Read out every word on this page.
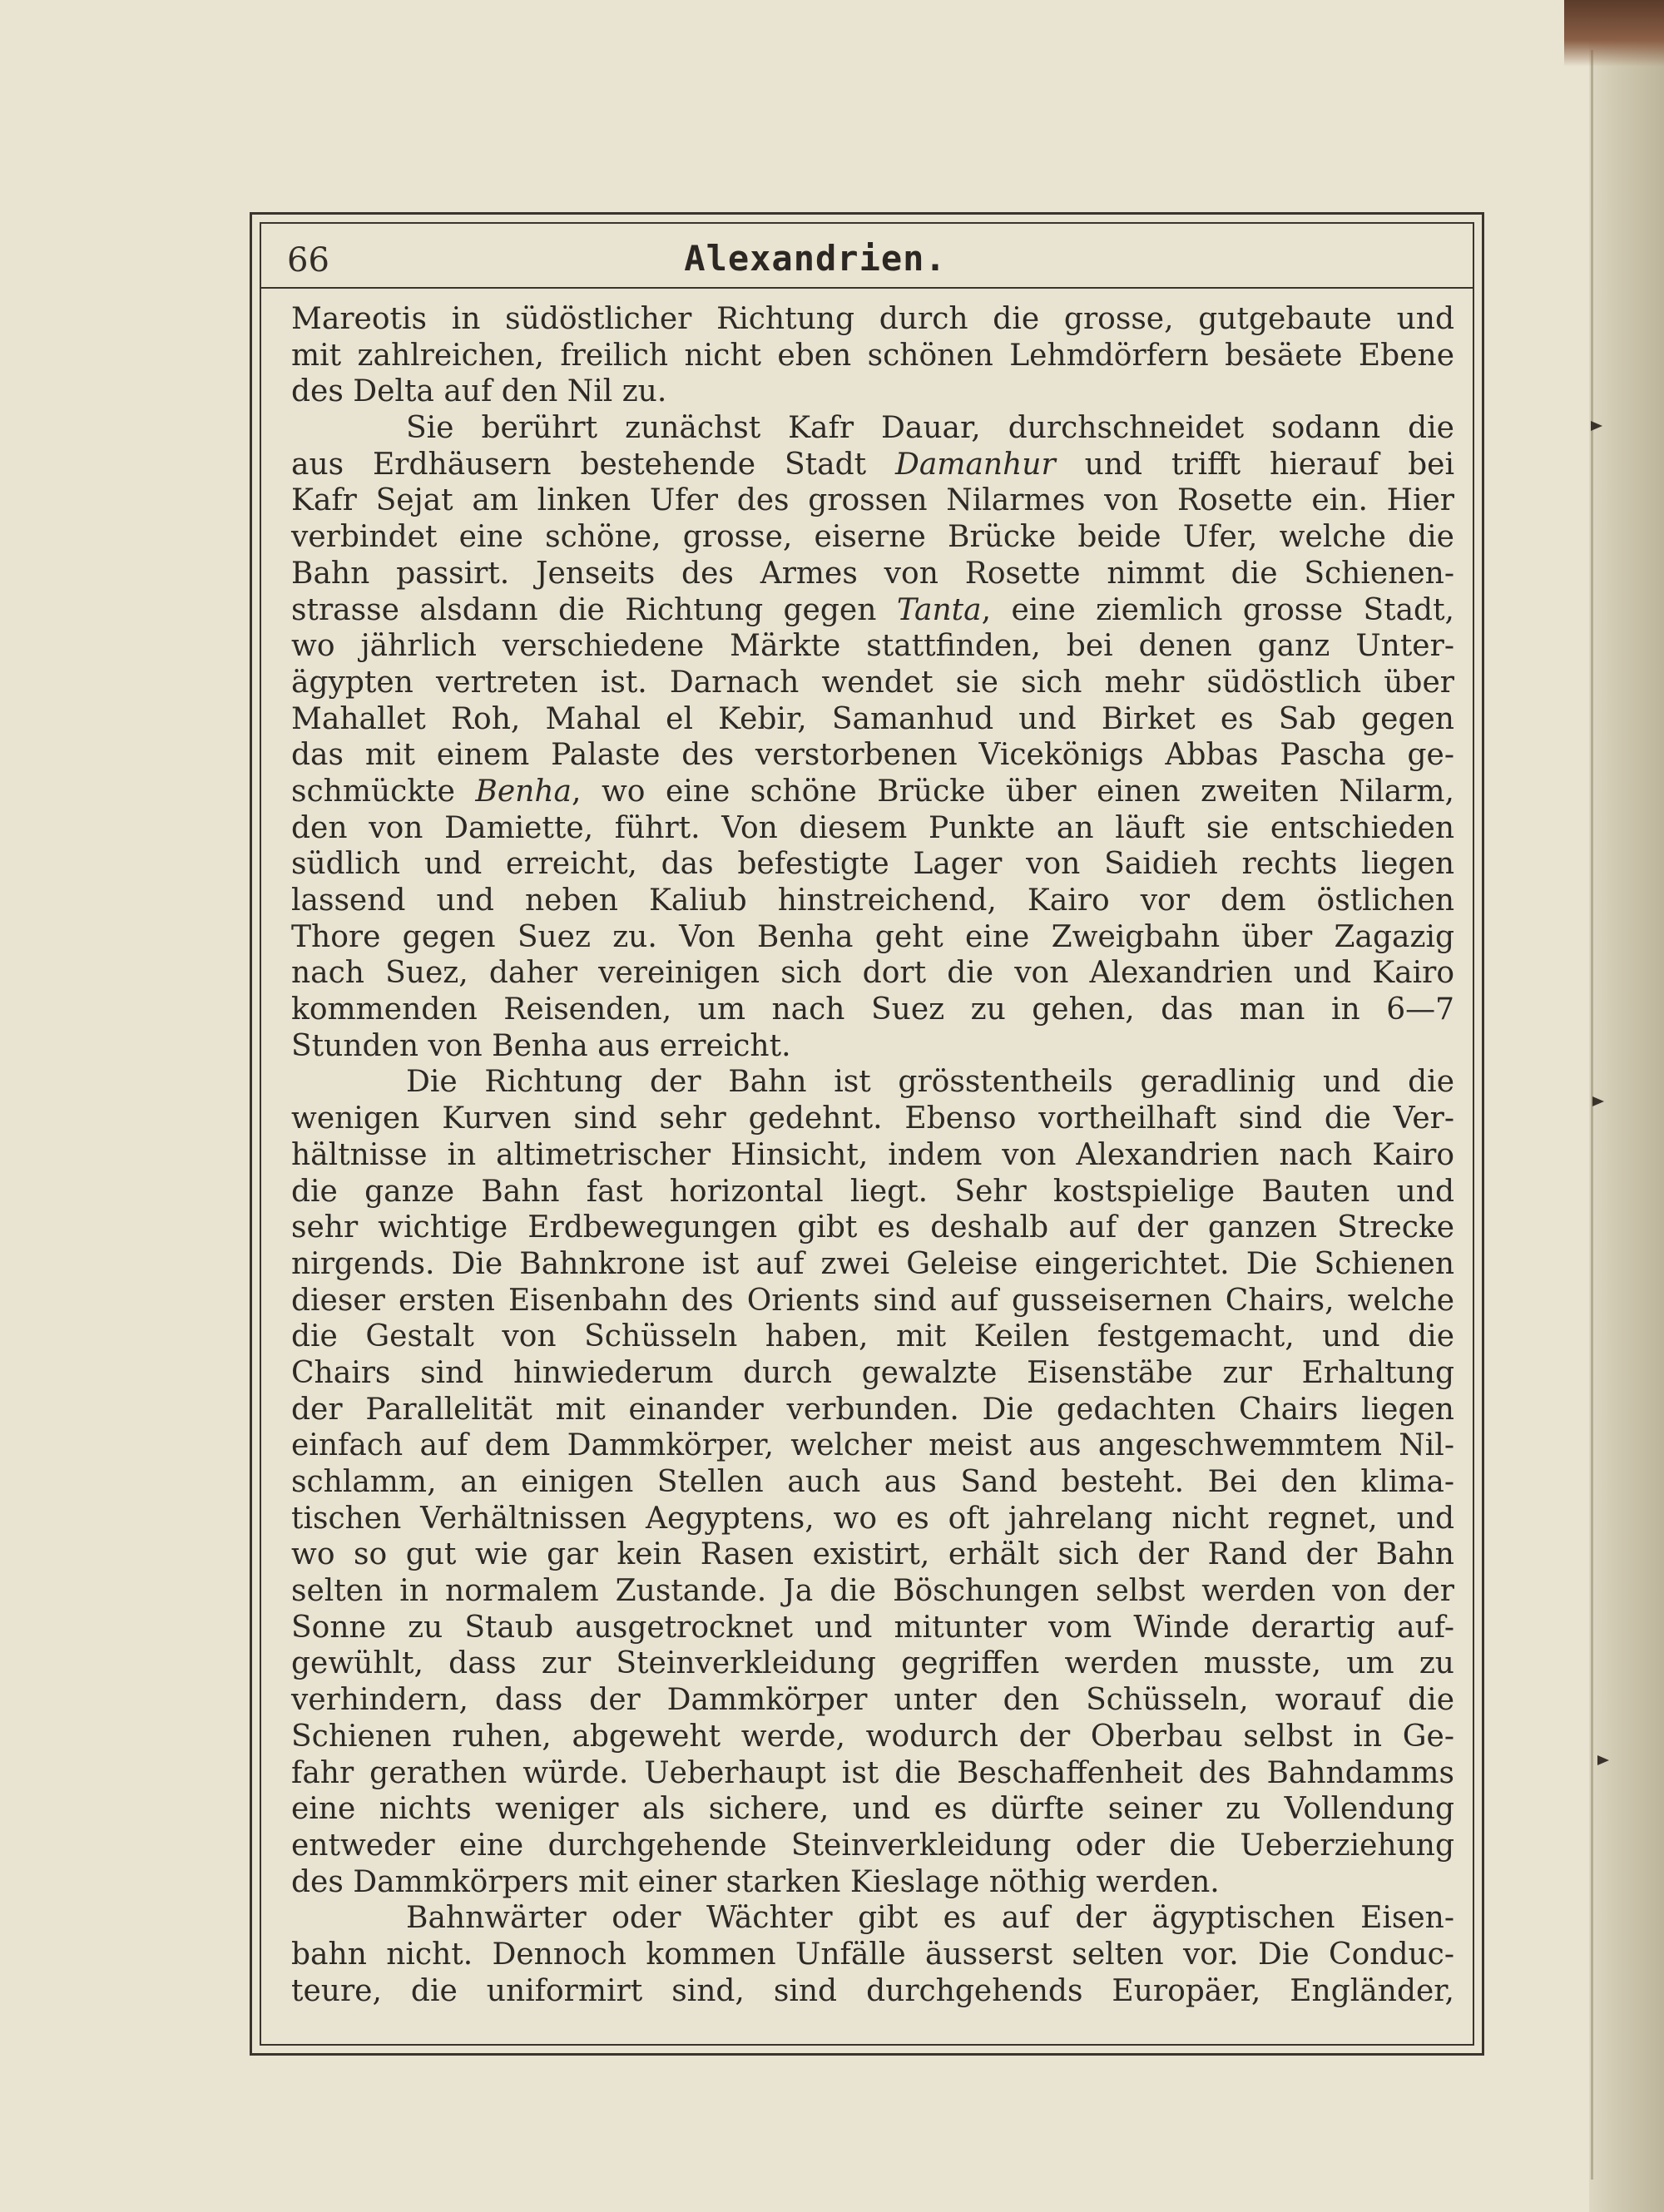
66	Alexandrien.
Mareotis in südöstlicher Richtung durch die grosse, gutgebaute und
mit zahlreichen, freilich nicht eben schönen Lehmdörfern besäete Ebene
des Delta auf den Nil zu.
Sie berührt zunächst Kafr Dauar, durchschneidet sodann die
aus Erdhäusern bestehende Stadt Damanhur und trifft hierauf bei
Kafr Sejat am linken Ufer des grossen Nilarmes von Rosette ein. Hier
verbindet eine schöne, grosse, eiserne Brücke beide Ufer, welche die
Bahn passirt. Jenseits des Armes von Rosette nimmt die Schienen-
strasse alsdann die Richtung gegen Tanta, eine ziemlich grosse Stadt,
wo jährlich verschiedene Märkte stattfinden, bei denen ganz Unter-
ägypten vertreten ist. Darnach wendet sie sich mehr südöstlich über
Mahallet Roh, Mahal el Kebir, Samanhud und Birket es Sab gegen
das mit einem Palaste des verstorbenen Vicekönigs Abbas Pascha ge-
schmückte Benha, wo eine schöne Brücke über einen zweiten Nilarm,
den von Damiette, führt. Von diesem Punkte an läuft sie entschieden
südlich und erreicht, das befestigte Lager von Saidieh rechts liegen
lassend und neben Kaliub hinstreichend, Kairo vor dem östlichen
Thore gegen Suez zu. Von Benha geht eine Zweigbahn über Zagazig
nach Suez, daher vereinigen sich dort die von Alexandrien und Kairo
kommenden Reisenden, um nach Suez zu gehen, das man in 6—7
Stunden von Benha aus erreicht.
Die Richtung der Bahn ist grösstentheils geradlinig und die
wenigen Kurven sind sehr gedehnt. Ebenso vortheilhaft sind die Ver-
hältnisse in altimetrischer Hinsicht, indem von Alexandrien nach Kairo
die ganze Bahn fast horizontal liegt. Sehr kostspielige Bauten und
sehr wichtige Erdbewegungen gibt es deshalb auf der ganzen Strecke
nirgends. Die Bahnkrone ist auf zwei Geleise eingerichtet. Die Schienen
dieser ersten Eisenbahn des Orients sind auf gusseisernen Chairs, welche
die Gestalt von Schüsseln haben, mit Keilen festgemacht, und die
Chairs sind hinwiederum durch gewalzte Eisenstäbe zur Erhaltung
der Parallelität mit einander verbunden. Die gedachten Chairs liegen
einfach auf dem Dammkörper, welcher meist aus angeschwemmtem Nil-
schlamm, an einigen Stellen auch aus Sand besteht. Bei den klima-
tischen Verhältnissen Aegyptens, wo es oft jahrelang nicht regnet, und
wo so gut wie gar kein Rasen existirt, erhält sich der Rand der Bahn
selten in normalem Zustande. Ja die Böschungen selbst werden von der
Sonne zu Staub ausgetrocknet und mitunter vom Winde derartig auf-
gewühlt, dass zur Steinverkleidung gegriffen werden musste, um zu
verhindern, dass der Dammkörper unter den Schüsseln, worauf die
Schienen ruhen, abgeweht werde, wodurch der Oberbau selbst in Ge-
fahr gerathen würde. Ueberhaupt ist die Beschaffenheit des Bahndamms
eine nichts weniger als sichere, und es dürfte seiner zu Vollendung
entweder eine durchgehende Steinverkleidung oder die Ueberziehung
des Dammkörpers mit einer starken Kieslage nöthig werden.
Bahnwärter oder Wächter gibt es auf der ägyptischen Eisen-
bahn nicht. Dennoch kommen Unfälle äusserst selten vor. Die Conduc-
teure, die uniformirt sind, sind durchgehends Europäer, Engländer,
